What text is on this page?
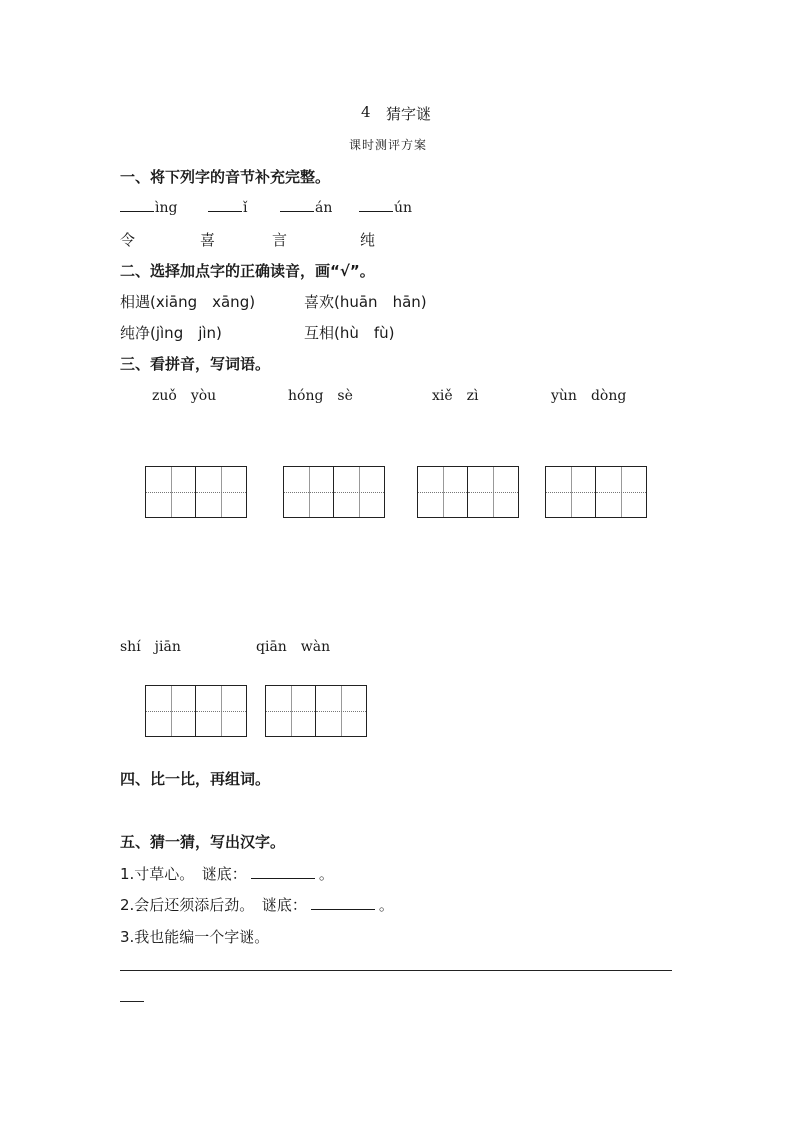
4 猜字谜
课时测评方案
一、将下列字的音节补充完整。
ìng	ǐ	án	ún
令	喜	言	纯
二、选择加点字的正确读音，画“√”。
相遇(xiāng　xāng)	喜欢(huān　hān)
纯净(jìng　jìn)	互相(hù　fù)
三、看拼音，写词语。
zuǒ　yòu	hóng　sè	xiě　zì	yùn　dòng
shí　jiān	qiān　wàn
四、比一比，再组词。
五、猜一猜，写出汉字。
1.寸草心。　谜底：	。
2.会后还须添后劲。　谜底：	。
3.我也能编一个字谜。
